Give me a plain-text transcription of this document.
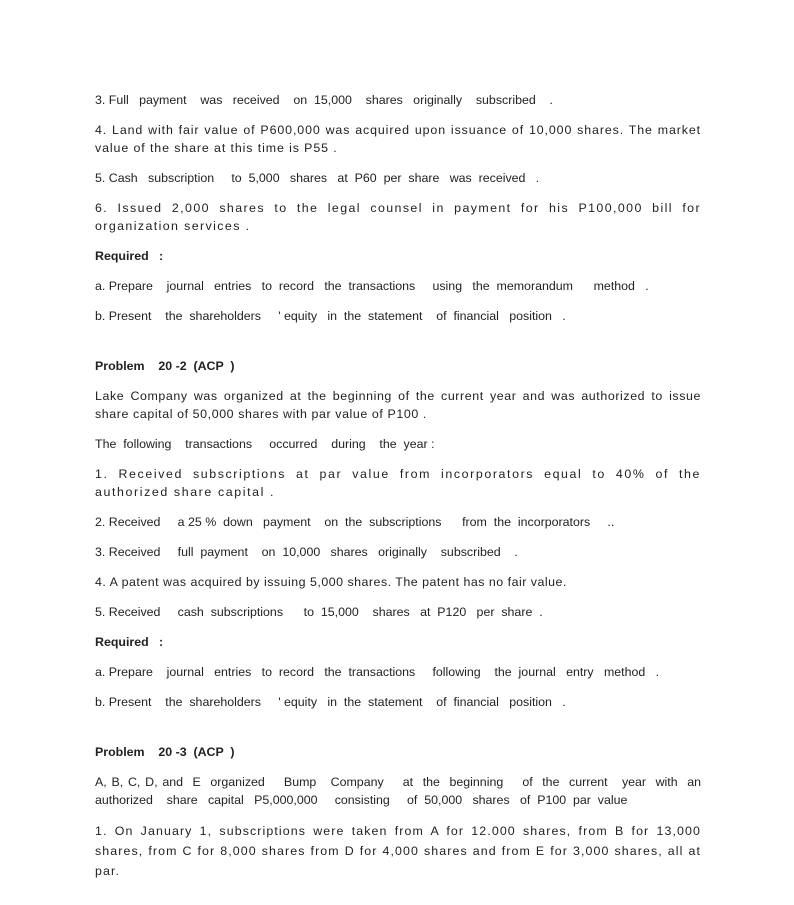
3. Full   payment    was   received    on  15,000    shares   originally    subscribed    .

4. Land with fair value of P600,000 was acquired upon issuance of 10,000 shares. The market value of the share at this time is P55 .

5. Cash   subscription     to  5,000   shares   at  P60  per  share   was  received   .

6. Issued 2,000 shares to the legal counsel in payment for his P100,000 bill for organization services .

Required   :

a. Prepare    journal   entries   to  record   the  transactions     using   the  memorandum      method   .

b. Present    the  shareholders     ' equity   in  the  statement    of  financial   position   .

Problem    20 -2  (ACP  )

Lake Company was organized at the beginning of the current year and was authorized to issue share capital of 50,000 shares with par value of P100 .

The  following    transactions     occurred    during    the  year :

1. Received subscriptions at par value from incorporators equal to 40% of the authorized share capital .

2. Received     a 25 %  down   payment    on  the  subscriptions      from  the  incorporators     ..

3. Received     full  payment    on  10,000   shares   originally    subscribed    .

4. A patent was acquired by issuing 5,000 shares. The patent has no fair value.

5. Received     cash  subscriptions      to  15,000    shares   at  P120   per  share  .

Required   :

a. Prepare    journal   entries   to  record   the  transactions     following    the  journal   entry   method   .

b. Present    the  shareholders     ' equity   in  the  statement    of  financial   position   .

Problem    20 -3  (ACP  )

A, B, C, D, and  E  organized    Bump   Company    at  the  beginning    of  the  current   year  with  an authorized    share   capital   P5,000,000     consisting     of  50,000   shares   of  P100  par  value

1. On January 1, subscriptions were taken from A for 12.000 shares, from B for 13,000 shares, from C for 8,000 shares from D for 4,000 shares and from E for 3,000 shares, all at par.
